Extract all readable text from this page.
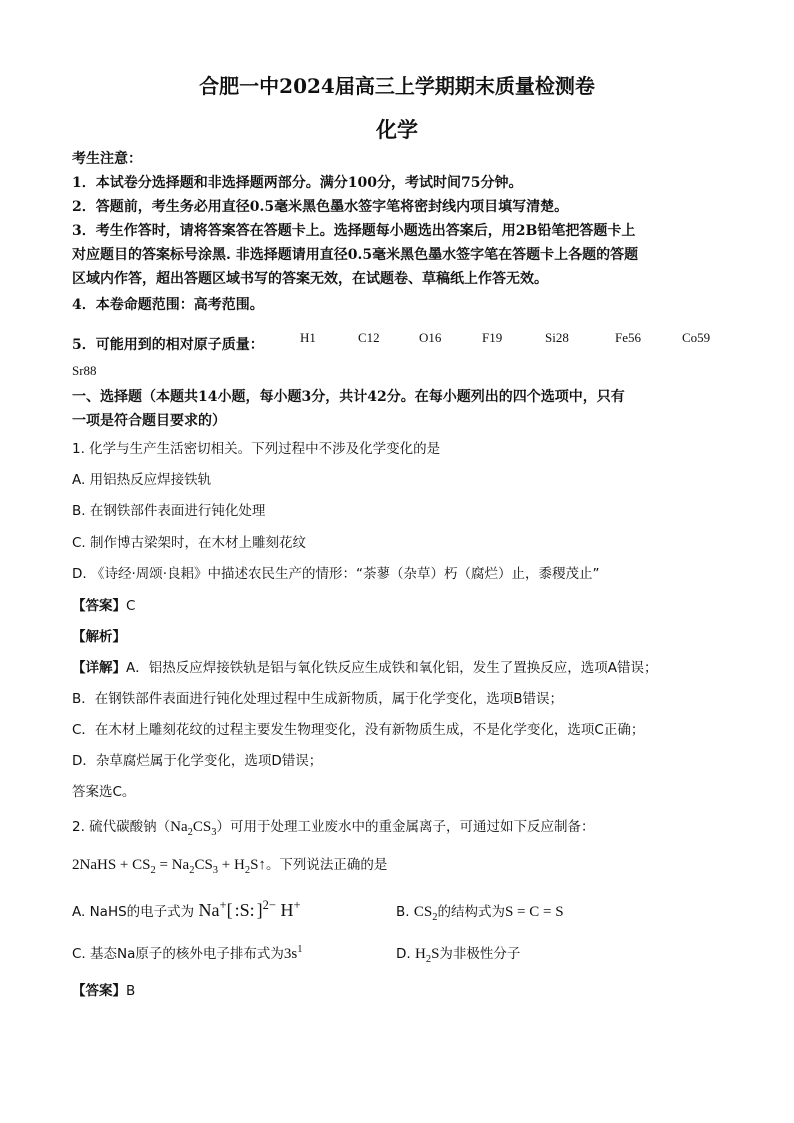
合肥一中2024届高三上学期期末质量检测卷
化学
考生注意：
1．本试卷分选择题和非选择题两部分。满分100分，考试时间75分钟。
2．答题前，考生务必用直径0.5毫米黑色墨水签字笔将密封线内项目填写清楚。
3．考生作答时，请将答案答在答题卡上。选择题每小题选出答案后，用2B铅笔把答题卡上
对应题目的答案标号涂黑. 非选择题请用直径0.5毫米黑色墨水签字笔在答题卡上各题的答题
区域内作答，超出答题区域书写的答案无效，在试题卷、草稿纸上作答无效。
4．本卷命题范围：高考范围。
5．可能用到的相对原子质量：	H1	C12	O16	F19	Si28	Fe56	Co59
Sr88
一、选择题（本题共14小题，每小题3分，共计42分。在每小题列出的四个选项中，只有
一项是符合题目要求的）
1. 化学与生产生活密切相关。下列过程中不涉及化学变化的是
A. 用铝热反应焊接铁轨
B. 在钢铁部件表面进行钝化处理
C. 制作博古梁架时，在木材上雕刻花纹
D. 《诗经·周颂·良耜》中描述农民生产的情形：“荼蓼（杂草）朽（腐烂）止，黍稷茂止”
【答案】C
【解析】
【详解】A．铝热反应焊接铁轨是铝与氧化铁反应生成铁和氧化铝，发生了置换反应，选项A错误；
B．在钢铁部件表面进行钝化处理过程中生成新物质，属于化学变化，选项B错误；
C．在木材上雕刻花纹的过程主要发生物理变化，没有新物质生成，不是化学变化，选项C正确；
D．杂草腐烂属于化学变化，选项D错误；
答案选C。
2. 硫代碳酸钠$(Na_2CS_3)$可用于处理工业废水中的重金属离子，可通过如下反应制备：
2NaHS + $CS_2 = Na_2CS_3$ + $H_2S↑$。下列说法正确的是
A. NaHS的电子式为 Na+[ :S: ]$^{2-}$ H+	B. $CS_2$的结构式为S = C = S
C. 基态Na原子的核外电子排布式为$3s^1$	D. $H_2S$为非极性分子
【答案】B
